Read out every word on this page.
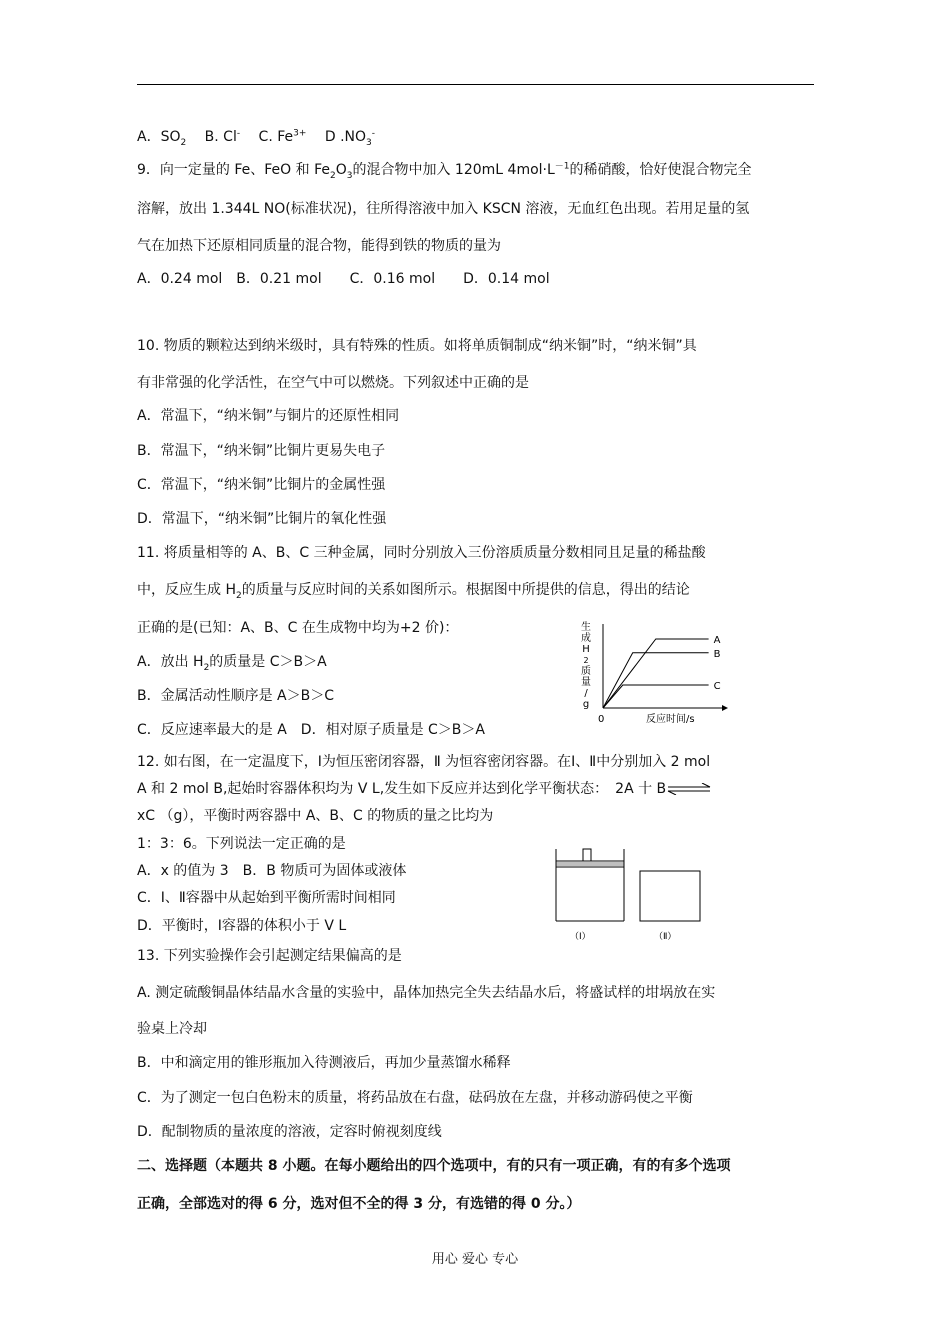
A．$SO_2$ B. Cl- C. $Fe^{3+}$ D $.NO_3^-$
9．向一定量的 Fe、FeO 和 $Fe_2O_3$的混合物中加入 120mL $4mol\cdot L^{-1}$的稀硝酸，恰好使混合物完全
溶解，放出 1.344L NO(标准状况)，往所得溶液中加入 KSCN 溶液，无血红色出现。若用足量的氢
气在加热下还原相同质量的混合物，能得到铁的物质的量为
A．0.24 mol　B．0.21 mol　　C．0.16 mol　　D．0.14 mol
10. 物质的颗粒达到纳米级时，具有特殊的性质。如将单质铜制成“纳米铜”时，“纳米铜”具
有非常强的化学活性，在空气中可以燃烧。下列叙述中正确的是
A．常温下，“纳米铜”与铜片的还原性相同
B．常温下，“纳米铜”比铜片更易失电子
C．常温下，“纳米铜”比铜片的金属性强
D．常温下，“纳米铜”比铜片的氧化性强
11. 将质量相等的 A、B、C 三种金属，同时分别放入三份溶质质量分数相同且足量的稀盐酸
中，反应生成 $H_2$的质量与反应时间的关系如图所示。根据图中所提供的信息，得出的结论
正确的是(已知：A、B、C 在生成物中均为+2 价)：
A．放出 $H_2$的质量是 C＞B＞A
B．金属活动性顺序是 A＞B＞C
C．反应速率最大的是 A　D．相对原子质量是 C＞B＞A
生
成
H
2
质
量
/
g
0	反应时间/s
A
B
C
12. 如右图，在一定温度下，Ⅰ为恒压密闭容器，Ⅱ 为恒容密闭容器。在Ⅰ、Ⅱ中分别加入 2 mol
A 和 2 mol B,起始时容器体积均为 V L,发生如下反应并达到化学平衡状态：　2A 十 B⇌
xC （g），平衡时两容器中 A、B、C 的物质的量之比均为
1：3：6。下列说法一定正确的是
A．x 的值为 3　B．B 物质可为固体或液体
C．Ⅰ、Ⅱ容器中从起始到平衡所需时间相同
D．平衡时，Ⅰ容器的体积小于 V L
（Ⅰ）	（Ⅱ）
13. 下列实验操作会引起测定结果偏高的是
A. 测定硫酸铜晶体结晶水含量的实验中，晶体加热完全失去结晶水后，将盛试样的坩埚放在实
验桌上冷却
B．中和滴定用的锥形瓶加入待测液后，再加少量蒸馏水稀释
C．为了测定一包白色粉末的质量，将药品放在右盘，砝码放在左盘，并移动游码使之平衡
D．配制物质的量浓度的溶液，定容时俯视刻度线
二、选择题（本题共 8 小题。在每小题给出的四个选项中，有的只有一项正确，有的有多个选项
正确，全部选对的得 6 分，选对但不全的得 3 分，有选错的得 0 分。）
用心 爱心 专心
